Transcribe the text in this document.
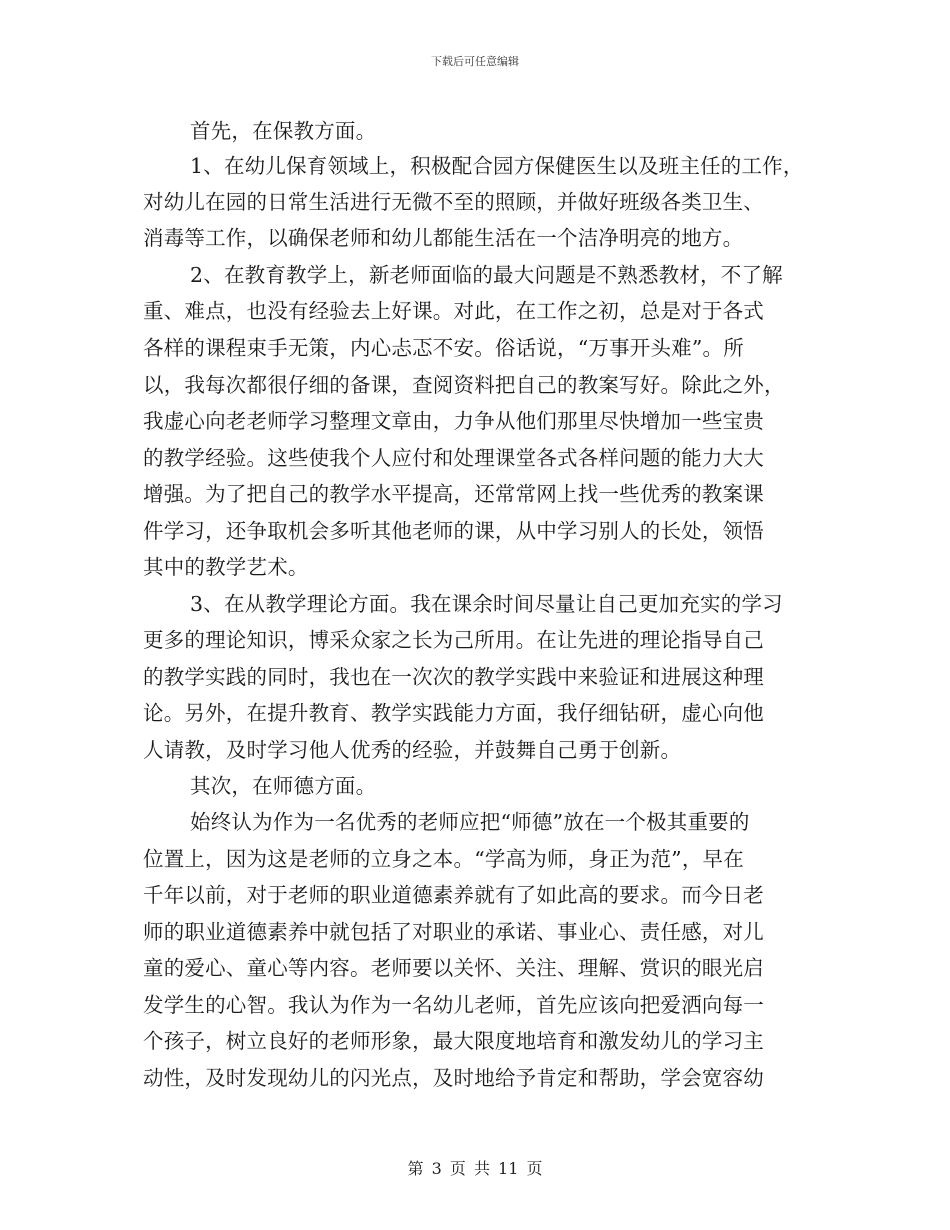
下载后可任意编辑
首先，在保教方面。
1、在幼儿保育领域上，积极配合园方保健医生以及班主任的工作，
对幼儿在园的日常生活进行无微不至的照顾，并做好班级各类卫生、
消毒等工作，以确保老师和幼儿都能生活在一个洁净明亮的地方。
2、在教育教学上，新老师面临的最大问题是不熟悉教材，不了解
重、难点，也没有经验去上好课。对此，在工作之初，总是对于各式
各样的课程束手无策，内心忐忑不安。俗话说，“万事开头难”。所
以，我每次都很仔细的备课，查阅资料把自己的教案写好。除此之外，
我虚心向老老师学习整理文章由，力争从他们那里尽快增加一些宝贵
的教学经验。这些使我个人应付和处理课堂各式各样问题的能力大大
增强。为了把自己的教学水平提高，还常常网上找一些优秀的教案课
件学习，还争取机会多听其他老师的课，从中学习别人的长处，领悟
其中的教学艺术。
3、在从教学理论方面。我在课余时间尽量让自己更加充实的学习
更多的理论知识，博采众家之长为己所用。在让先进的理论指导自己
的教学实践的同时，我也在一次次的教学实践中来验证和进展这种理
论。另外，在提升教育、教学实践能力方面，我仔细钻研，虚心向他
人请教，及时学习他人优秀的经验，并鼓舞自己勇于创新。
其次，在师德方面。
始终认为作为一名优秀的老师应把“师德”放在一个极其重要的
位置上，因为这是老师的立身之本。“学高为师，身正为范”，早在
千年以前，对于老师的职业道德素养就有了如此高的要求。而今日老
师的职业道德素养中就包括了对职业的承诺、事业心、责任感，对儿
童的爱心、童心等内容。老师要以关怀、关注、理解、赏识的眼光启
发学生的心智。我认为作为一名幼儿老师，首先应该向把爱洒向每一
个孩子，树立良好的老师形象，最大限度地培育和激发幼儿的学习主
动性，及时发现幼儿的闪光点，及时地给予肯定和帮助，学会宽容幼
第 3 页 共 11 页
